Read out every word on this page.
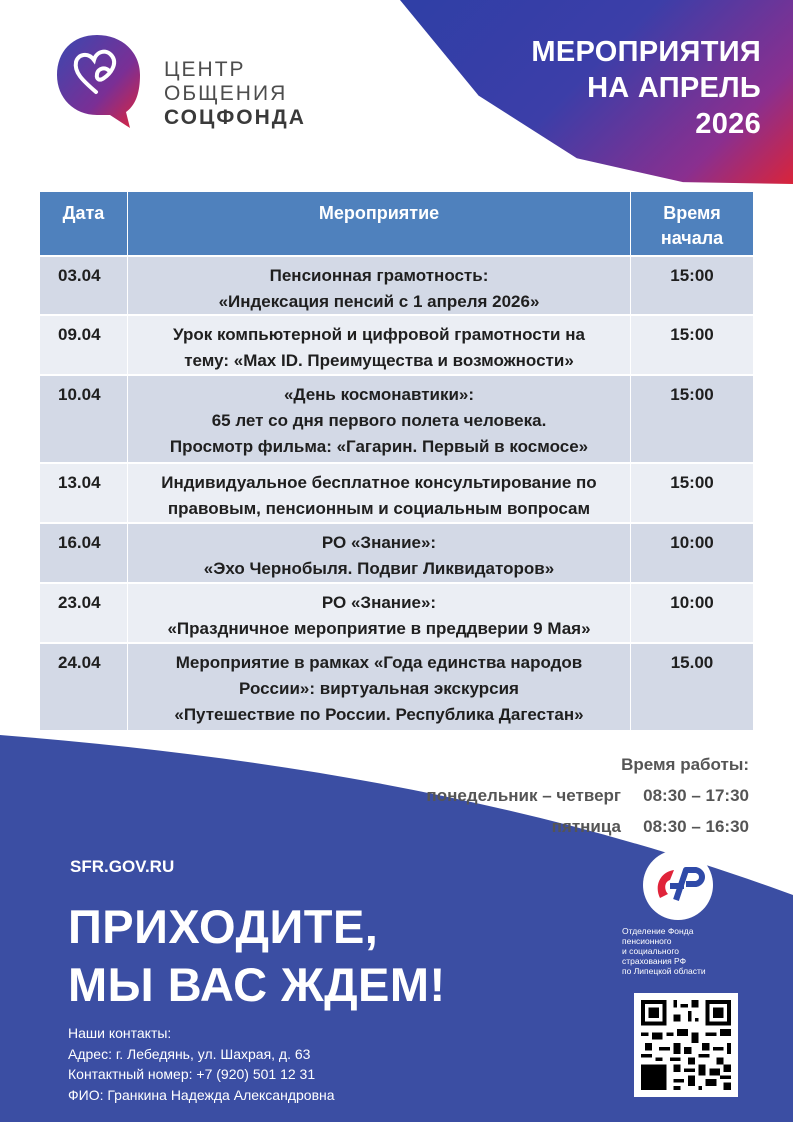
МЕРОПРИЯТИЯ
НА АПРЕЛЬ
2026
ЦЕНТР
ОБЩЕНИЯ
СОЦФОНДА
Дата	Мероприятие	Время
начала
03.04	Пенсионная грамотность:
«Индексация пенсий с 1 апреля 2026»
15:00
09.04	Урок компьютерной и цифровой грамотности на
тему: «Max ID. Преимущества и возможности»
15:00
10.04	«День космонавтики»:
65 лет со дня первого полета человека.
Просмотр фильма: «Гагарин. Первый в космосе»
15:00
13.04	Индивидуальное бесплатное консультирование по
правовым, пенсионным и социальным вопросам
15:00
16.04	РО «Знание»:
«Эхо Чернобыля. Подвиг Ликвидаторов»
10:00
23.04	РО «Знание»:
«Праздничное мероприятие в преддверии 9 Мая»
10:00
24.04	Мероприятие в рамках «Года единства народов
России»: виртуальная экскурсия
«Путешествие по России. Республика Дагестан»
15.00
Время работы:
понедельник – четверг	08:30 – 17:30
пятница	08:30 – 16:30
SFR.GOV.RU
ПРИХОДИТЕ,
МЫ ВАС ЖДЕМ!
Наши контакты:
Адрес: г. Лебедянь, ул. Шахрая, д. 63
Контактный номер: +7 (920) 501 12 31
ФИО: Гранкина Надежда Александровна
Отделение Фонда
пенсионного
и социального
страхования РФ
по Липецкой области
